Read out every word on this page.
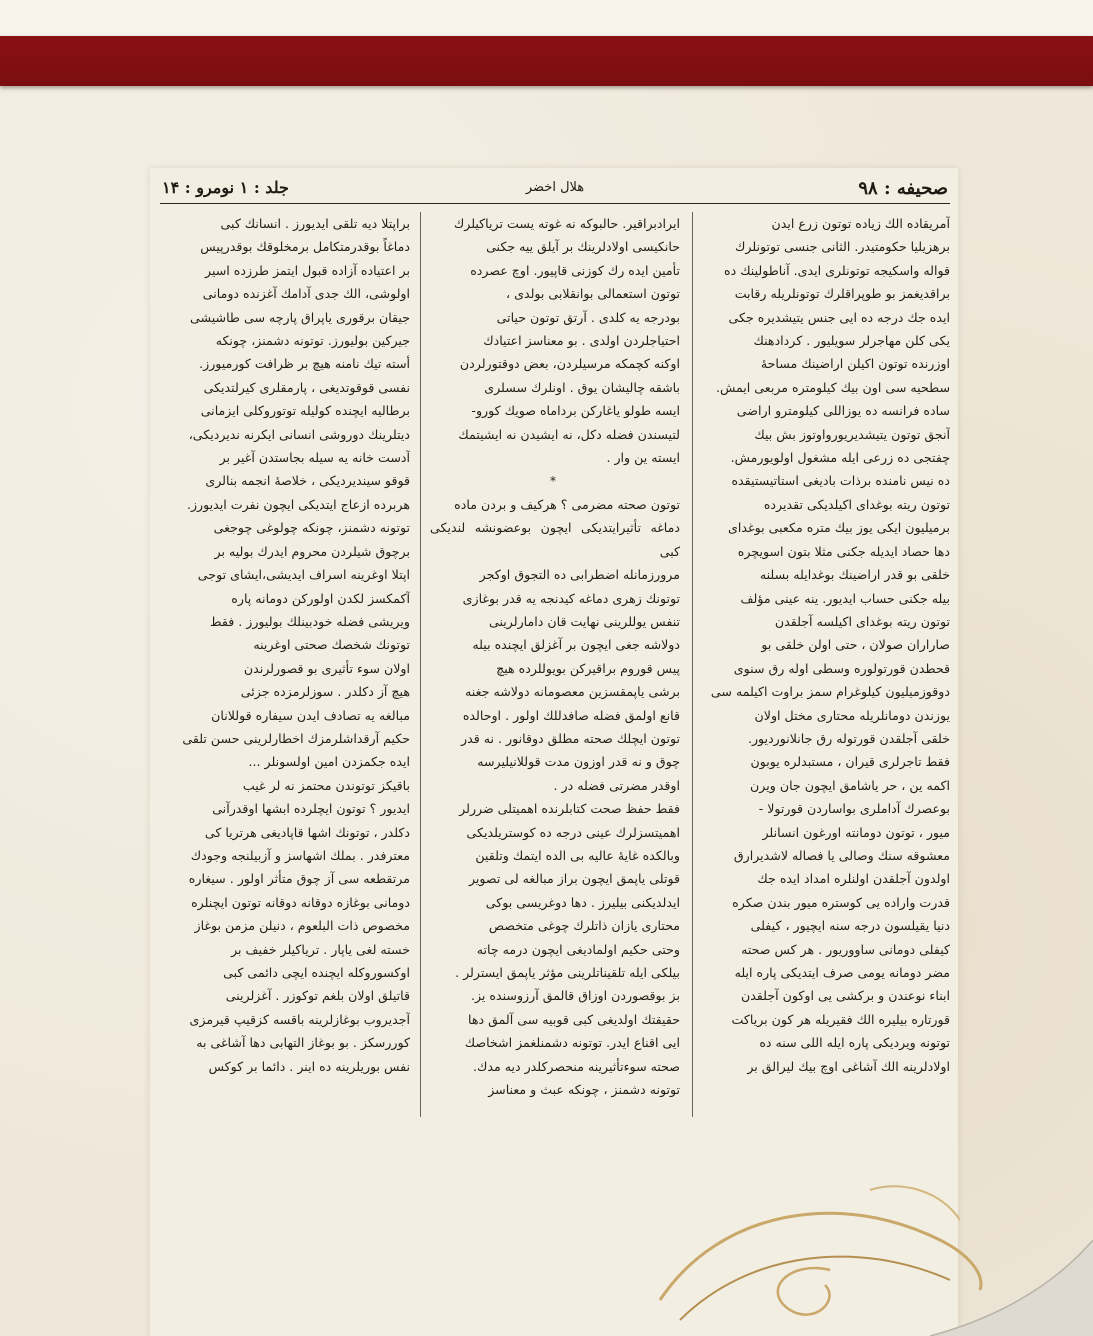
صحیفه : ۹۸
هلال اخضر
جلد : ۱ نومرو : ۱۴

آمریقاده الك زیاده توتون زرع ایدن

برهزیلیا حکومتیدر. الثانی جنسی توتونلرك

قواله واسکیجه توتونلری ایدی. آناطولینك ده

براقدیغمز بو طوپراقلرك توتونلریله رقابت

ایده جك درجه ده ایی جنس یتیشدیره جکی

یکی کلن مهاجرلر سویلیور . کردادهنك

اوزرنده توتون اکیلن اراضینك مساحهٔ

سطحیه سی اون بیك کیلومتره مربعی ایمش.

ساده فرانسه ده یوزاللی کیلومترو اراضی

آنجق توتون یتیشدیریورواوتوز بش بیك

چفتجی ده زرعی ایله مشغول اولویورمش.

ده نیس نامنده برذات بادیغی استاتیستیقده

توتون ریته بوغدای اکیلدیکی تقدیرده

برمیلیون ایکی یوز بیك متره مکعبی بوغدای

دها حصاد ایدیله جکنی مثلا بتون اسویچره

خلقی بو قدر اراضینك بوغدایله بسلنه

بیله جکنی حساب ایدیور. ینه عینی مؤلف

توتون ریته بوغدای اکیلسه آجلقدن

صاراران صولان ، حتی اولن خلقی بو

قحطدن قورتولوره وسطی اوله رق سنوی

دوقوزمیلیون کیلوغرام سمز براوت اکیلمه سی

یوزندن دومانلریله محتاری مختل اولان

خلقی آجلقدن قورتوله رق جانلانوردیور.

فقط تاجرلری قیران ، مستبدلره یوبون

اکمه ین ، حر یاشامق ایچون جان ویرن

بوعصرك آداملری بواساردن قورتولا -

میور ، توتون دومانته اورغون انسانلر

معشوقه سنك وصالی یا فصاله لاشدیرارق

اولدون آجلقدن اولنلره امداد ایده جك

قدرت واراده یی کوستره میور بندن صکره

دنیا یقیلسون درجه سنه ایچیور ، کیفلی

کیفلی دومانی ساووریور . هر کس صحته

مضر دومانه یومی صرف ایتدیکی پاره ایله

ابناء نوعندن و برکشی یی اوکون آجلقدن

قورتاره بیلیره الك فقیریله هر کون بریاکت

توتونه ویردیکی پاره ایله اللی سنه ده

اولادلرینه الك آشاغی اوچ بیك لیرالق بر

ایرادبراقیر. حالبوکه نه غوته یست تریاکیلرك

حانکیسی اولادلرینك بر آیلق ییه جکنی

تأمین ایده رك کوزنی قاپیور. اوچ عصرده

توتون استعمالی بوانقلابی بولدی ،

بودرجه یه کلدی . آرتق توتون حیاتی

احتیاجلردن اولدی . بو معناسز اعتیادك

اوکنه کچمکه مرسیلردن، بعض دوقتورلردن

باشقه چالیشان یوق . اونلرك سسلری

ایسه طولو یاغارکن برداماه صویك کورو-

لتیسندن فضله دکل، نه ایشیدن نه ایشیتمك

ایسته ین وار .

*

توتون صحته مضرمی ؟ هرکیف و بردن ماده

دماغه تأثیرایتدیکی ایچون بوعضونشه لندیکی کبی

مرورزمانله اضطرابی ده التجوق اوکجر

توتونك زهری دماغه کیدنجه یه قدر بوغازی

تنفس یوللرینی نهایت قان دامارلرینی

دولاشه جغی ایچون بر آغزلق ایچنده بیله

پیس قوروم براقیرکن بویوللرده هیچ

برشی یاپمقسزین معصومانه دولاشه جغنه

قانع اولمق فضله صافدللك اولور . اوحالده

توتون ایچلك صحته مطلق دوقانور . نه قدر

چوق و نه قدر اوزون مدت قوللانیلیرسه

اوقدر مضرتی فضله در .

فقط حفظ صحت کتابلرنده اهمیتلی ضررلر

اهمیتسزلرك عینی درجه ده کوستریلدیکی

وبالکده غایهٔ عالیه بی الده ایتمك وتلقین

قوتلی یاپمق ایچون براز مبالغه لی تصویر

ایدلدیکنی بیلیرز . دها دوغریسی بوکی

محتاری یازان ذاتلرك چوغی متخصص

وحتی حکیم اولمادیغی ایچون درمه چاته

بیلکی ایله تلقیناتلرینی مؤثر یاپمق ایسترلر .

بز بوقصوردن اوزاق قالمق آرزوسنده یز.

حقیقتك اولدیغی کبی قوبیه سی آلمق دها

ایی اقناع ایدر. توتونه دشمنلغمز اشخاصك

صحته سوءتأثیرینه منحصرکلدر دیه مدك.

توتونه دشمنز ، چونکه عبث و معناسز

براپتلا دیه تلقی ایدیورز . انسانك کبی

دماغاً بوقدرمتکامل برمخلوقك بوقدرپیس

بر اعتیاده آزاده قبول ایتمز طرزده اسیر

اولوشی، الك جدی آدامك آغزنده دومانی

جیقان برقوری یاپراق پارچه سی طاشیشی

جیرکین بولیورز. توتونه دشمنز، چونکه

أسته تیك نامنه هیچ بر ظرافت کورمیورز.

نفسی قوقوتدیغی ، پارمقلری کیرلتدیکی

برطالیه ایچنده کولیله توتوروکلی ایزمانی

دیتلرینك دوروشی انسانی ایکرنه ندیردیکی،

آدست خانه یه سیله بجاستدن آغیر بر

قوقو سیندیردیکی ، خلاصهٔ انجمه بنالری

هربرده ازعاج ایتدیکی ایچون نفرت ایدیورز.

توتونه دشمنز، چونکه چولوغی چوجغی

برچوق شیلردن محروم ایدرك بولیه بر

اپتلا اوغرینه اسراف ایدیشی،ایشای توجی

آکمکسز لکدن اولورکن دومانه پاره

ویریشی فضله خودبینلك بولیورز . فقط

توتونك شخصك صحتی اوغرینه

اولان سوء تأثیری بو قصورلرندن

هیچ آز دکلدر . سوزلرمزده جزئی

مبالغه یه تصادف ایدن سیفاره قوللانان

حکیم آرقداشلرمزك اخطارلرینی حسن تلقی

ایده جکمزدن امین اولسونلر ...

باقیکز توتوندن محتمز نه لر غیب

ایدیور ؟ توتون ایچلرده ابشها اوقدرآنی

دکلدر ، توتونك اشها قاپادیغی هرتریا کی

معترفدر . بملك اشهاسز و آزبیلنجه وجودك

مرتقطعه سی آز چوق متأثر اولور . سیغاره

دومانی بوغازه دوقانه دوقانه توتون ایچنلره

مخصوص ذات البلعوم ، دنیلن مزمن بوغاز

خسته لغی یاپار . تریاکیلر خفیف بر

اوکسوروکله ایچنده ایچی دائمی کبی

قاتیلق اولان بلغم توکوزر . آغزلرینی

آجدیروب بوغازلرینه باقسه کزقیپ قیرمزی

کوررسکز . بو بوغاز التهابی دها آشاغی به

نفس بوریلرینه ده اینر . دائما بر کوکس
